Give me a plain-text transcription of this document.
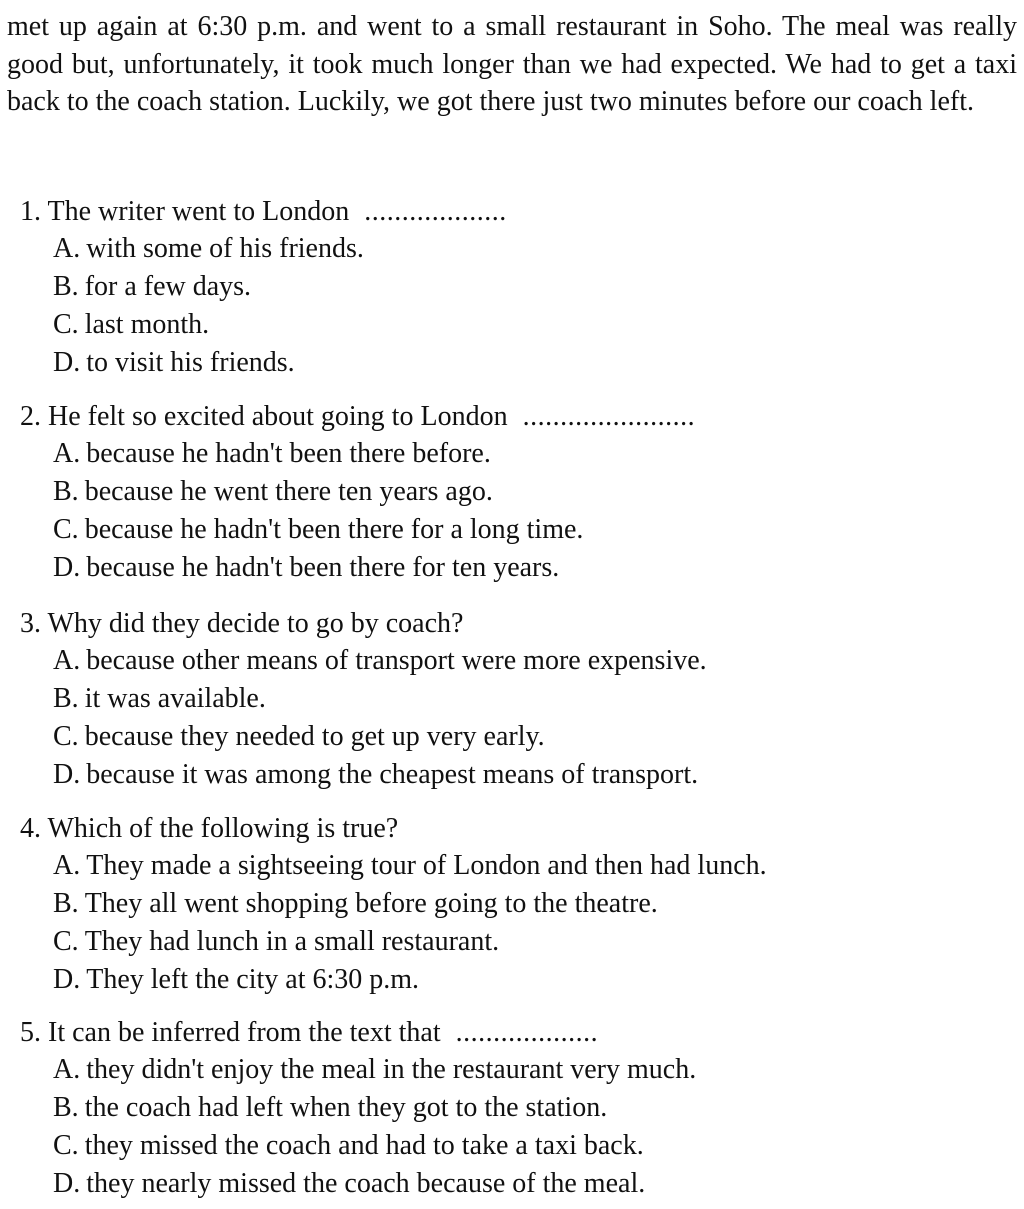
met up again at 6:30 p.m. and went to a small restaurant in Soho. The meal was really good but, unfortunately, it took much longer than we had expected. We had to get a taxi back to the coach station. Luckily, we got there just two minutes before our coach left.

1. The writer went to London ...................

A. with some of his friends.

B. for a few days.

C. last month.

D. to visit his friends.

2. He felt so excited about going to London .......................

A. because he hadn't been there before.

B. because he went there ten years ago.

C. because he hadn't been there for a long time.

D. because he hadn't been there for ten years.

3. Why did they decide to go by coach?

A. because other means of transport were more expensive.

B. it was available.

C. because they needed to get up very early.

D. because it was among the cheapest means of transport.

4. Which of the following is true?

A. They made a sightseeing tour of London and then had lunch.

B. They all went shopping before going to the theatre.

C. They had lunch in a small restaurant.

D. They left the city at 6:30 p.m.

5. It can be inferred from the text that ...................

A. they didn't enjoy the meal in the restaurant very much.

B. the coach had left when they got to the station.

C. they missed the coach and had to take a taxi back.

D. they nearly missed the coach because of the meal.
